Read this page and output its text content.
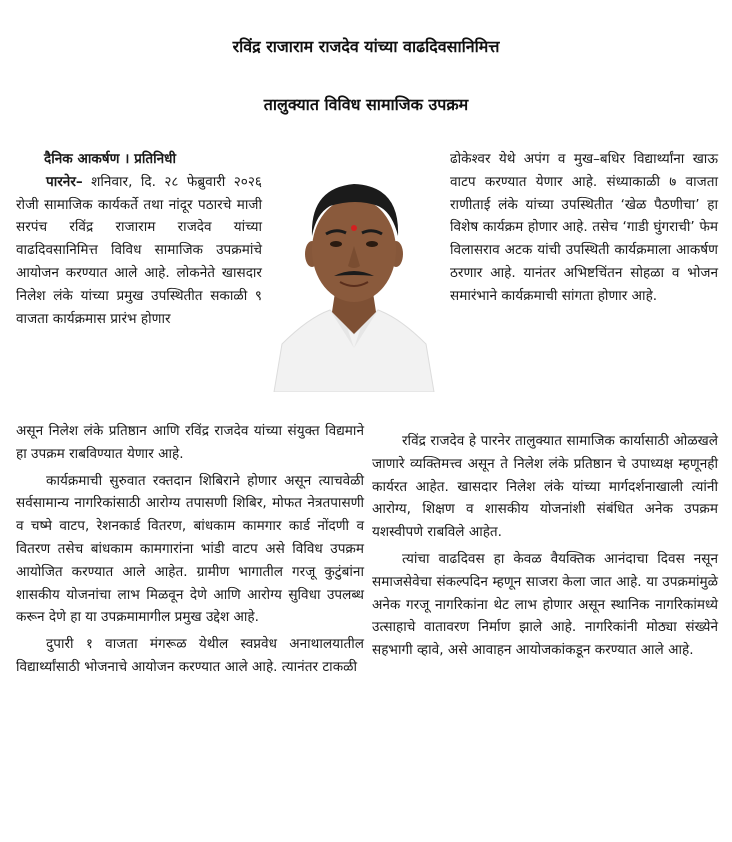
रविंद्र राजाराम राजदेव यांच्या वाढदिवसानिमित्त
तालुक्यात विविध सामाजिक उपक्रम
दैनिक आकर्षण । प्रतिनिधी

पारनेर– शनिवार, दि. २८ फेब्रुवारी २०२६ रोजी सामाजिक कार्यकर्ते तथा नांदूर पठारचे माजी सरपंच रविंद्र राजाराम राजदेव यांच्या वाढदिवसानिमित्त विविध सामाजिक उपक्रमांचे आयोजन करण्यात आले आहे. लोकनेते खासदार निलेश लंके यांच्या प्रमुख उपस्थितीत सकाळी ९ वाजता कार्यक्रमास प्रारंभ होणार

असून निलेश लंके प्रतिष्ठान आणि रविंद्र राजदेव यांच्या संयुक्त विद्यमाने हा उपक्रम राबविण्यात येणार आहे.

कार्यक्रमाची सुरुवात रक्तदान शिबिराने होणार असून त्याचवेळी सर्वसामान्य नागरिकांसाठी आरोग्य तपासणी शिबिर, मोफत नेत्रतपासणी व चष्मे वाटप, रेशनकार्ड वितरण, बांधकाम कामगार कार्ड नोंदणी व वितरण तसेच बांधकाम कामगारांना भांडी वाटप असे विविध उपक्रम आयोजित करण्यात आले आहेत. ग्रामीण भागातील गरजू कुटुंबांना शासकीय योजनांचा लाभ मिळवून देणे आणि आरोग्य सुविधा उपलब्ध करून देणे हा या उपक्रमामागील प्रमुख उद्देश आहे.

दुपारी १ वाजता मंगरूळ येथील स्वप्नवेध अनाथालयातील विद्यार्थ्यांसाठी भोजनाचे आयोजन करण्यात आले आहे. त्यानंतर टाकळी

ढोकेश्वर येथे अपंग व मुख–बधिर विद्यार्थ्यांना खाऊ वाटप करण्यात येणार आहे. संध्याकाळी ७ वाजता राणीताई लंके यांच्या उपस्थितीत ‘खेळ पैठणीचा’ हा विशेष कार्यक्रम होणार आहे. तसेच ‘गाडी घुंगराची’ फेम विलासराव अटक यांची उपस्थिती कार्यक्रमाला आकर्षण ठरणार आहे. यानंतर अभिष्टचिंतन सोहळा व भोजन समारंभाने कार्यक्रमाची सांगता होणार आहे.

रविंद्र राजदेव हे पारनेर तालुक्यात सामाजिक कार्यासाठी ओळखले जाणारे व्यक्तिमत्त्व असून ते निलेश लंके प्रतिष्ठान चे उपाध्यक्ष म्हणूनही कार्यरत आहेत. खासदार निलेश लंके यांच्या मार्गदर्शनाखाली त्यांनी आरोग्य, शिक्षण व शासकीय योजनांशी संबंधित अनेक उपक्रम यशस्वीपणे राबविले आहेत.

त्यांचा वाढदिवस हा केवळ वैयक्तिक आनंदाचा दिवस नसून समाजसेवेचा संकल्पदिन म्हणून साजरा केला जात आहे. या उपक्रमांमुळे अनेक गरजू नागरिकांना थेट लाभ होणार असून स्थानिक नागरिकांमध्ये उत्साहाचे वातावरण निर्माण झाले आहे. नागरिकांनी मोठ्या संख्येने सहभागी व्हावे, असे आवाहन आयोजकांकडून करण्यात आले आहे.
